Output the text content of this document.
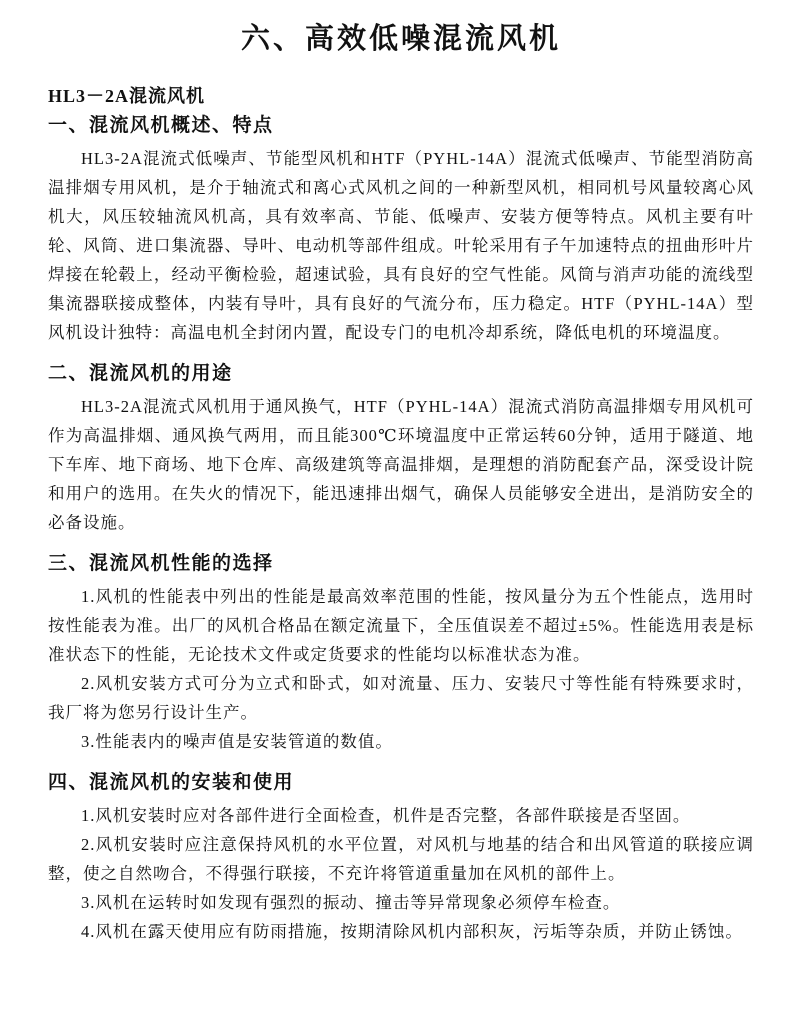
六、高效低噪混流风机
HL3－2A混流风机
一、混流风机概述、特点

HL3-2A混流式低噪声、节能型风机和HTF（PYHL-14A）混流式低噪声、节能型消防高温排烟专用风机，是介于轴流式和离心式风机之间的一种新型风机，相同机号风量较离心风机大，风压较轴流风机高，具有效率高、节能、低噪声、安装方便等特点。风机主要有叶轮、风筒、进口集流器、导叶、电动机等部件组成。叶轮采用有子午加速特点的扭曲形叶片焊接在轮毂上，经动平衡检验，超速试验，具有良好的空气性能。风筒与消声功能的流线型集流器联接成整体，内装有导叶，具有良好的气流分布，压力稳定。HTF（PYHL-14A）型风机设计独特：高温电机全封闭内置，配设专门的电机冷却系统，降低电机的环境温度。

二、混流风机的用途

HL3-2A混流式风机用于通风换气，HTF（PYHL-14A）混流式消防高温排烟专用风机可作为高温排烟、通风换气两用，而且能300℃环境温度中正常运转60分钟，适用于隧道、地下车库、地下商场、地下仓库、高级建筑等高温排烟，是理想的消防配套产品，深受设计院和用户的选用。在失火的情况下，能迅速排出烟气，确保人员能够安全进出，是消防安全的必备设施。

三、混流风机性能的选择

1.风机的性能表中列出的性能是最高效率范围的性能，按风量分为五个性能点，选用时按性能表为准。出厂的风机合格品在额定流量下，全压值误差不超过±5%。性能选用表是标准状态下的性能，无论技术文件或定货要求的性能均以标准状态为准。

2.风机安装方式可分为立式和卧式，如对流量、压力、安装尺寸等性能有特殊要求时，我厂将为您另行设计生产。

3.性能表内的噪声值是安装管道的数值。

四、混流风机的安装和使用

1.风机安装时应对各部件进行全面检查，机件是否完整，各部件联接是否坚固。

2.风机安装时应注意保持风机的水平位置，对风机与地基的结合和出风管道的联接应调整，使之自然吻合，不得强行联接，不充许将管道重量加在风机的部件上。

3.风机在运转时如发现有强烈的振动、撞击等异常现象必须停车检查。

4.风机在露天使用应有防雨措施，按期清除风机内部积灰，污垢等杂质，并防止锈蚀。
